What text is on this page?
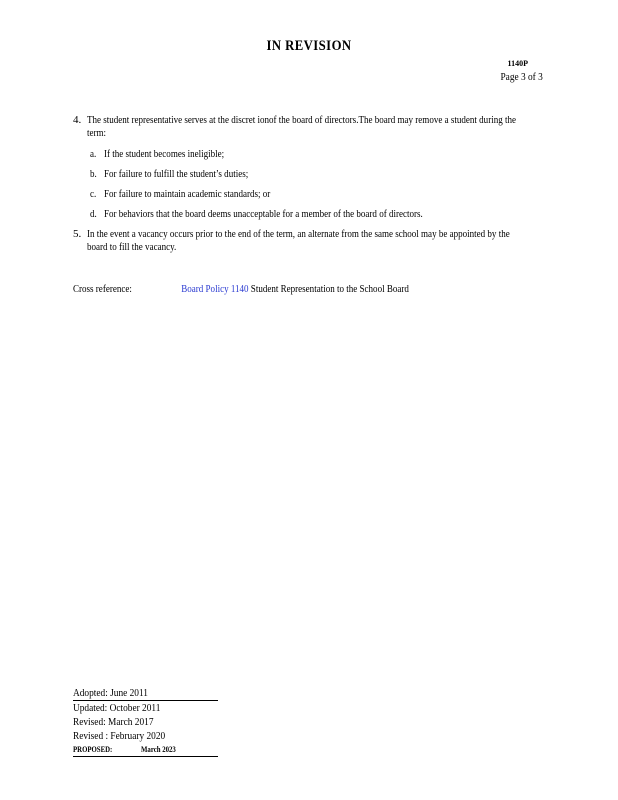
IN REVISION
1140P
Page 3 of 3
4. The student representative serves at the discret ionof the board of directors.The board may remove a student during the term:
a. If the student becomes ineligible;
b. For failure to fulfill the student’s duties;
c. For failure to maintain academic standards; or
d. For behaviors that the board deems unacceptable for a member of the board of directors.
5. In the event a vacancy occurs prior to the end of the term, an alternate from the same school may be appointed by the board to fill the vacancy.
Cross reference:	Board Policy 1140 Student Representation to the School Board
Adopted: June 2011
Updated: October 2011
Revised: March 2017
Revised : February 2020
PROPOSED:	March 2023
